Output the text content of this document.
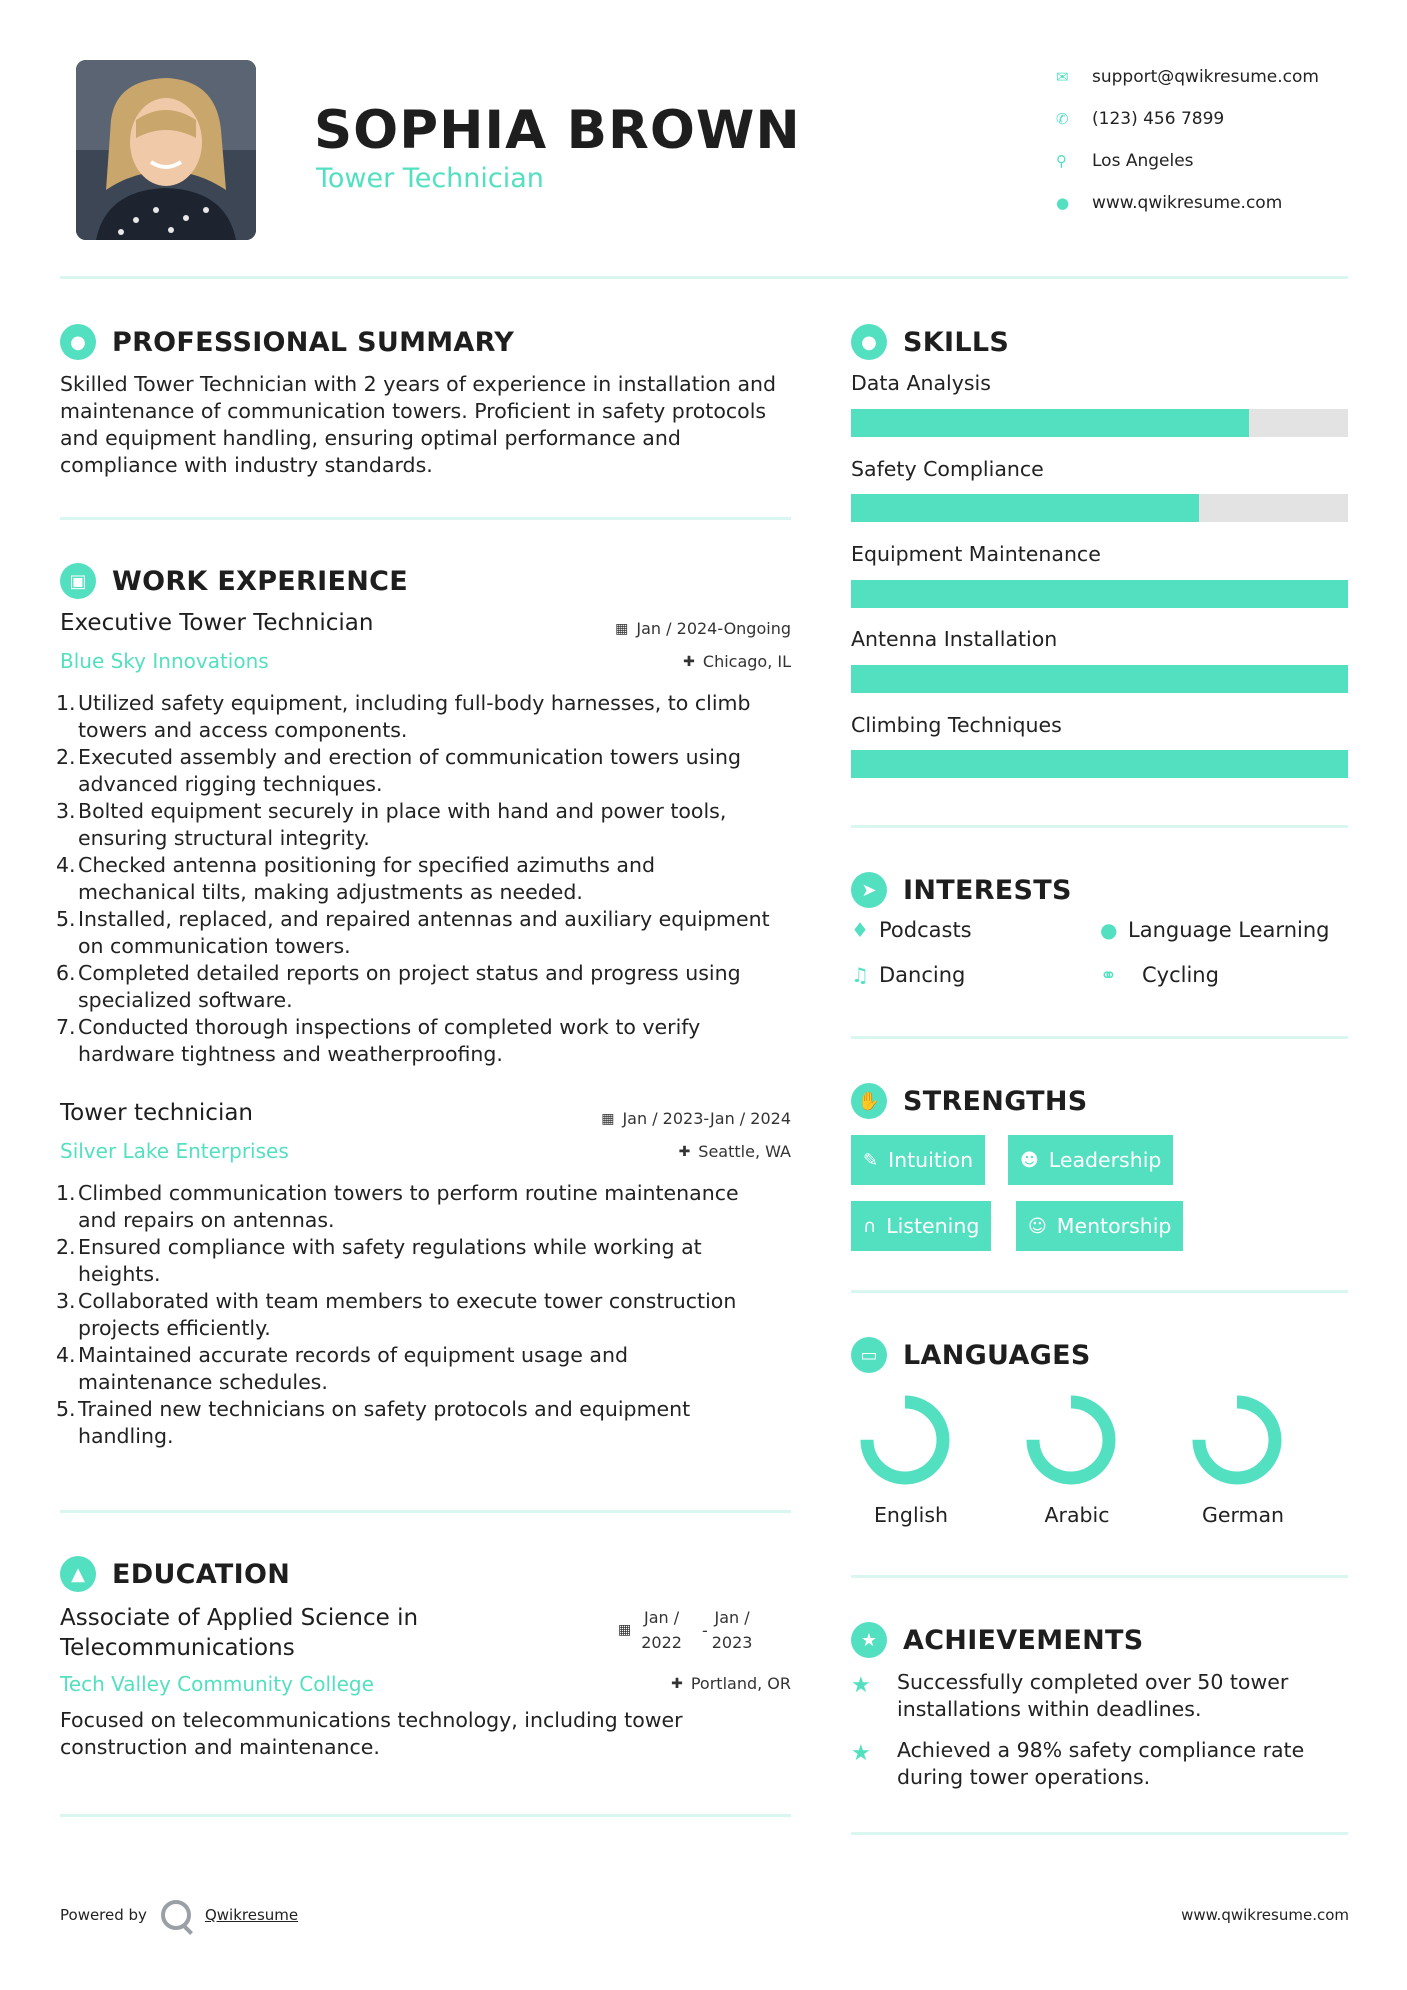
SOPHIA BROWN
Tower Technician
✉	support@qwikresume.com
✆	(123) 456 7899
⚲	Los Angeles
●	www.qwikresume.com
● PROFESSIONAL SUMMARY
Skilled Tower Technician with 2 years of experience in installation and
maintenance of communication towers. Proficient in safety protocols
and equipment handling, ensuring optimal performance and
compliance with industry standards.
▣ WORK EXPERIENCE
Executive Tower Technician	▦ Jan / 2024-Ongoing
Blue Sky Innovations	✚ Chicago, IL
1. Utilized safety equipment, including full-body harnesses, to climb
towers and access components.
2. Executed assembly and erection of communication towers using
advanced rigging techniques.
3. Bolted equipment securely in place with hand and power tools,
ensuring structural integrity.
4. Checked antenna positioning for specified azimuths and
mechanical tilts, making adjustments as needed.
5. Installed, replaced, and repaired antennas and auxiliary equipment
on communication towers.
6. Completed detailed reports on project status and progress using
specialized software.
7. Conducted thorough inspections of completed work to verify
hardware tightness and weatherproofing.
Tower technician	▦ Jan / 2023-Jan / 2024
Silver Lake Enterprises	✚ Seattle, WA
1. Climbed communication towers to perform routine maintenance
and repairs on antennas.
2. Ensured compliance with safety regulations while working at
heights.
3. Collaborated with team members to execute tower construction
projects efficiently.
4. Maintained accurate records of equipment usage and
maintenance schedules.
5. Trained new technicians on safety protocols and equipment
handling.
▲	EDUCATION
Associate of Applied Science in
Telecommunications
▦
Jan /
2022
-
Jan /
2023
Tech Valley Community College	✚ Portland, OR
Focused on telecommunications technology, including tower
construction and maintenance.
● SKILLS
Data Analysis
Safety Compliance
Equipment Maintenance
Antenna Installation
Climbing Techniques
➤ INTERESTS
♦ Podcasts	● Language Learning
♫ Dancing	⚭	Cycling
✋ STRENGTHS
✎ Intuition	☻ Leadership
∩ Listening	☺ Mentorship
▭ LANGUAGES
English	Arabic	German
★ ACHIEVEMENTS
★	Successfully completed over 50 tower
installations within deadlines.
★	Achieved a 98% safety compliance rate
during tower operations.
Powered by	Qwikresume	www.qwikresume.com
